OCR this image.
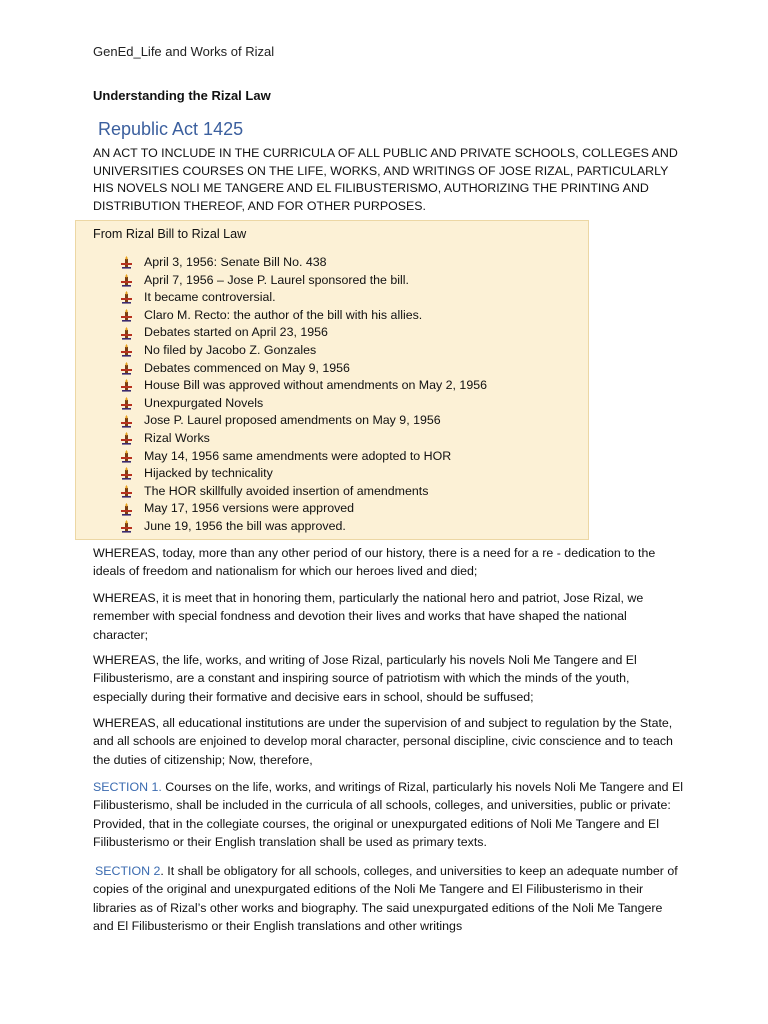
GenEd_Life and Works of Rizal
Understanding the Rizal Law
Republic Act 1425
AN ACT TO INCLUDE IN THE CURRICULA OF ALL PUBLIC AND PRIVATE SCHOOLS, COLLEGES AND UNIVERSITIES COURSES ON THE LIFE, WORKS, AND WRITINGS OF JOSE RIZAL, PARTICULARLY HIS NOVELS NOLI ME TANGERE AND EL FILIBUSTERISMO, AUTHORIZING THE PRINTING AND DISTRIBUTION THEREOF, AND FOR OTHER PURPOSES.
From Rizal Bill to Rizal Law
April 3, 1956: Senate Bill No. 438
April 7, 1956 – Jose P. Laurel sponsored the bill.
It became controversial.
Claro M. Recto: the author of the bill with his allies.
Debates started on April 23, 1956
No filed by Jacobo Z. Gonzales
Debates commenced on May 9, 1956
House Bill was approved without amendments on May 2, 1956
Unexpurgated Novels
Jose P. Laurel proposed amendments on May 9, 1956
Rizal Works
May 14, 1956 same amendments were adopted to HOR
Hijacked by technicality
The HOR skillfully avoided insertion of amendments
May 17, 1956 versions were approved
June 19, 1956 the bill was approved.

WHEREAS, today, more than any other period of our history, there is a need for a re - dedication to the ideals of freedom and nationalism for which our heroes lived and died;

WHEREAS, it is meet that in honoring them, particularly the national hero and patriot, Jose Rizal, we remember with special fondness and devotion their lives and works that have shaped the national character;

WHEREAS, the life, works, and writing of Jose Rizal, particularly his novels Noli Me Tangere and El Filibusterismo, are a constant and inspiring source of patriotism with which the minds of the youth, especially during their formative and decisive ears in school, should be suffused;

WHEREAS, all educational institutions are under the supervision of and subject to regulation by the State, and all schools are enjoined to develop moral character, personal discipline, civic conscience and to teach the duties of citizenship; Now, therefore,

SECTION 1. Courses on the life, works, and writings of Rizal, particularly his novels Noli Me Tangere and El Filibusterismo, shall be included in the curricula of all schools, colleges, and universities, public or private: Provided, that in the collegiate courses, the original or unexpurgated editions of Noli Me Tangere and El Filibusterismo or their English translation shall be used as primary texts.

SECTION 2. It shall be obligatory for all schools, colleges, and universities to keep an adequate number of copies of the original and unexpurgated editions of the Noli Me Tangere and El Filibusterismo in their libraries as of Rizal’s other works and biography. The said unexpurgated editions of the Noli Me Tangere and El Filibusterismo or their English translations and other writings
